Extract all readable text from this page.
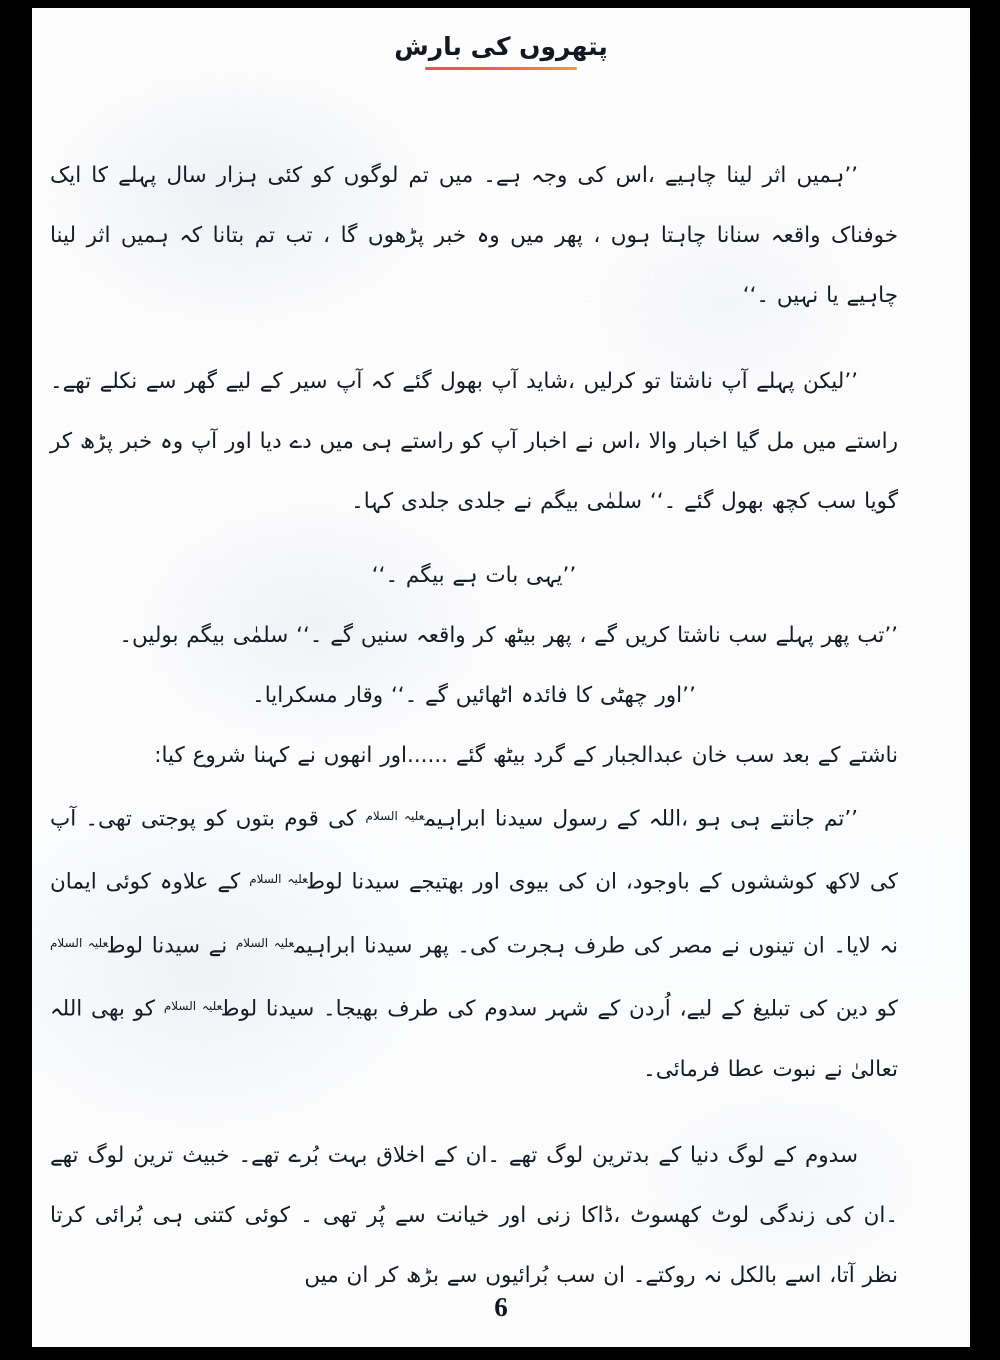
پتھروں کی بارش

’’ہمیں اثر لینا چاہیے ،اس کی وجہ ہے۔ میں تم لوگوں کو کئی ہزار سال پہلے کا ایک خوفناک واقعہ سنانا چاہتا ہوں ، پھر میں وہ خبر پڑھوں گا ، تب تم بتانا کہ ہمیں اثر لینا چاہیے یا نہیں ۔‘‘

’’لیکن پہلے آپ ناشتا تو کرلیں ،شاید آپ بھول گئے کہ آپ سیر کے لیے گھر سے نکلے تھے۔ راستے میں مل گیا اخبار والا ،اس نے اخبار آپ کو راستے ہی میں دے دیا اور آپ وہ خبر پڑھ کر گویا سب کچھ بھول گئے ۔‘‘ سلمٰی بیگم نے جلدی جلدی کہا۔

’’یہی بات ہے بیگم ۔‘‘

’’تب پھر پہلے سب ناشتا کریں گے ، پھر بیٹھ کر واقعہ سنیں گے ۔‘‘ سلمٰی بیگم بولیں۔

’’اور چھٹی کا فائدہ اٹھائیں گے ۔‘‘ وقار مسکرایا۔

ناشتے کے بعد سب خان عبدالجبار کے گرد بیٹھ گئے ......اور انھوں نے کہنا شروع کیا:

’’تم جانتے ہی ہو ،اللہ کے رسول سیدنا ابراہیم$^{علیہ السلام}$ کی قوم بتوں کو پوجتی تھی۔ آپ کی لاکھ کوششوں کے باوجود، ان کی بیوی اور بھتیجے سیدنا لوط$^{علیہ السلام}$ کے علاوہ کوئی ایمان نہ لایا۔ ان تینوں نے مصر کی طرف ہجرت کی۔ پھر سیدنا ابراہیم$^{علیہ السلام}$ نے سیدنا لوط$^{علیہ السلام}$ کو دین کی تبلیغ کے لیے، اُردن کے شہر سدوم کی طرف بھیجا۔ سیدنا لوط$^{علیہ السلام}$ کو بھی اللہ تعالیٰ نے نبوت عطا فرمائی۔

سدوم کے لوگ دنیا کے بدترین لوگ تھے ۔ان کے اخلاق بہت بُرے تھے۔ خبیث ترین لوگ تھے ۔ان کی زندگی لوٹ کھسوٹ ،ڈاکا زنی اور خیانت سے پُر تھی ۔ کوئی کتنی ہی بُرائی کرتا نظر آتا، اسے بالکل نہ روکتے۔ ان سب بُرائیوں سے بڑھ کر ان میں

6
